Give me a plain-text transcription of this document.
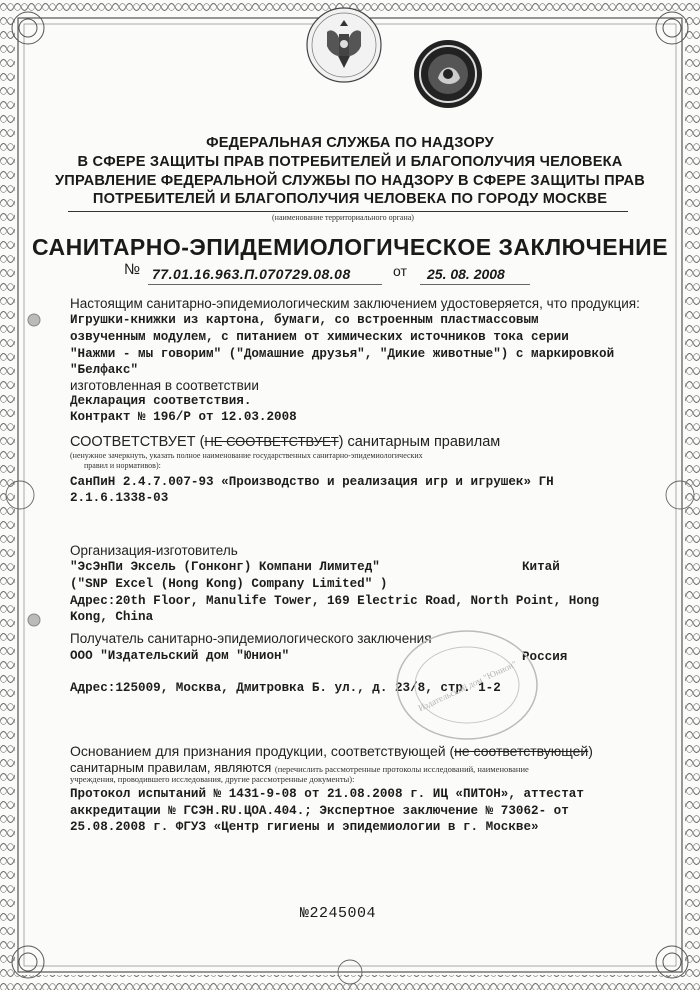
ФЕДЕРАЛЬНАЯ СЛУЖБА ПО НАДЗОРУ
В СФЕРЕ ЗАЩИТЫ ПРАВ ПОТРЕБИТЕЛЕЙ И БЛАГОПОЛУЧИЯ ЧЕЛОВЕКА
УПРАВЛЕНИЕ ФЕДЕРАЛЬНОЙ СЛУЖБЫ ПО НАДЗОРУ В СФЕРЕ ЗАЩИТЫ ПРАВ
ПОТРЕБИТЕЛЕЙ И БЛАГОПОЛУЧИЯ ЧЕЛОВЕКА ПО ГОРОДУ МОСКВЕ
(наименование территориального органа)
САНИТАРНО-ЭПИДЕМИОЛОГИЧЕСКОЕ ЗАКЛЮЧЕНИЕ
№ 77.01.16.963.П.070729.08.08	от 25. 08. 2008
Настоящим санитарно-эпидемиологическим заключением удостоверяется, что продукция:
Игрушки-книжки из картона, бумаги, со встроенным пластмассовым
озвученным модулем, с питанием от химических источников тока серии
"Нажми - мы говорим" ("Домашние друзья", "Дикие животные") с маркировкой
"Белфакс"
изготовленная в соответствии
Декларация соответствия.
Контракт № 196/Р от 12.03.2008
СООТВЕТСТВУЕТ (НЕ СООТВЕТСТВУЕТ) санитарным правилам
(ненужное зачеркнуть, указать полное наименование государственных санитарно-эпидемиологических
правил и нормативов):
СанПиН 2.4.7.007-93 «Производство и реализация игр и игрушек» ГН
2.1.6.1338-03
Организация-изготовитель
"ЭсЭнПи Эксель (Гонконг) Компани Лимитед"	Китай
("SNP Excel (Hong Kong) Company Limited" )
Адрес:20th Floor, Manulife Tower, 169 Electric Road, North Point, Hong
Kong, China
Получатель санитарно-эпидемиологического заключения
ООО "Издательский дом "Юнион"	Россия
Адрес:125009, Москва, Дмитровка Б. ул., д. 23/8, стр. 1-2
Издательский дом "Юнион"
Основанием для признания продукции, соответствующей (не соответствующей)
санитарным правилам, являются (перечислить рассмотренные протоколы исследований, наименование
учреждения, проводившего исследования, другие рассмотренные документы):
Протокол испытаний № 1431-9-08 от 21.08.2008 г. ИЦ «ПИТОН», аттестат
аккредитации № ГСЭН.RU.ЦОА.404.; Экспертное заключение № 73062- от
25.08.2008 г. ФГУЗ «Центр гигиены и эпидемиологии в г. Москве»
№2245004
